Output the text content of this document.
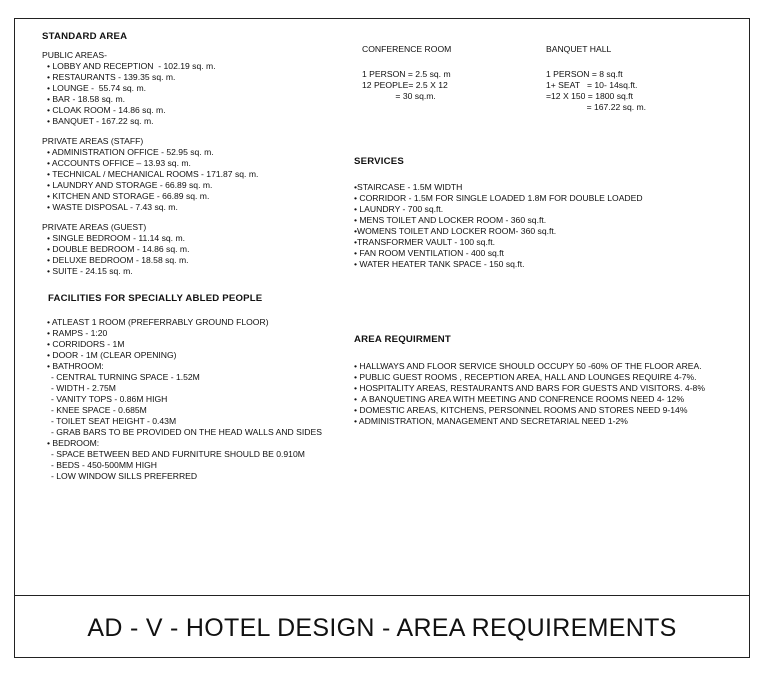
STANDARD AREA

PUBLIC AREAS-

• LOBBY AND RECEPTION  - 102.19 sq. m.

• RESTAURANTS - 139.35 sq. m.

• LOUNGE -  55.74 sq. m.

• BAR - 18.58 sq. m.

• CLOAK ROOM - 14.86 sq. m.

• BANQUET - 167.22 sq. m.

PRIVATE AREAS (STAFF)

• ADMINISTRATION OFFICE - 52.95 sq. m.

• ACCOUNTS OFFICE – 13.93 sq. m.

• TECHNICAL / MECHANICAL ROOMS - 171.87 sq. m.

• LAUNDRY AND STORAGE - 66.89 sq. m.

• KITCHEN AND STORAGE - 66.89 sq. m.

• WASTE DISPOSAL - 7.43 sq. m.

PRIVATE AREAS (GUEST)

• SINGLE BEDROOM - 11.14 sq. m.

• DOUBLE BEDROOM - 14.86 sq. m.

• DELUXE BEDROOM - 18.58 sq. m.

• SUITE - 24.15 sq. m.

FACILITIES FOR SPECIALLY ABLED PEOPLE

• ATLEAST 1 ROOM (PREFERRABLY GROUND FLOOR)

• RAMPS - 1:20

• CORRIDORS - 1M

• DOOR - 1M (CLEAR OPENING)

• BATHROOM:

- CENTRAL TURNING SPACE - 1.52M

- WIDTH - 2.75M

- VANITY TOPS - 0.86M HIGH

- KNEE SPACE - 0.685M

- TOILET SEAT HEIGHT - 0.43M

- GRAB BARS TO BE PROVIDED ON THE HEAD WALLS AND SIDES

• BEDROOM:

- SPACE BETWEEN BED AND FURNITURE SHOULD BE 0.910M

- BEDS - 450-500MM HIGH

- LOW WINDOW SILLS PREFERRED

CONFERENCE ROOM

1 PERSON = 2.5 sq. m

12 PEOPLE= 2.5 X 12

= 30 sq.m.

BANQUET HALL

1 PERSON = 8 sq.ft

1+ SEAT   = 10- 14sq.ft.

=12 X 150 = 1800 sq.ft

= 167.22 sq. m.

SERVICES

•STAIRCASE - 1.5M WIDTH

• CORRIDOR - 1.5M FOR SINGLE LOADED 1.8M FOR DOUBLE LOADED

• LAUNDRY - 700 sq.ft.

• MENS TOILET AND LOCKER ROOM - 360 sq.ft.

•WOMENS TOILET AND LOCKER ROOM- 360 sq.ft.

•TRANSFORMER VAULT - 100 sq.ft.

• FAN ROOM VENTILATION - 400 sq.ft

• WATER HEATER TANK SPACE - 150 sq.ft.

AREA REQUIRMENT

• HALLWAYS AND FLOOR SERVICE SHOULD OCCUPY 50 -60% OF THE FLOOR AREA.

• PUBLIC GUEST ROOMS , RECEPTION AREA, HALL AND LOUNGES REQUIRE 4-7%.

• HOSPITALITY AREAS, RESTAURANTS AND BARS FOR GUESTS AND VISITORS. 4-8%

•  A BANQUETING AREA WITH MEETING AND CONFRENCE ROOMS NEED 4- 12%

• DOMESTIC AREAS, KITCHENS, PERSONNEL ROOMS AND STORES NEED 9-14%

• ADMINISTRATION, MANAGEMENT AND SECRETARIAL NEED 1-2%

AD - V - HOTEL DESIGN - AREA REQUIREMENTS
